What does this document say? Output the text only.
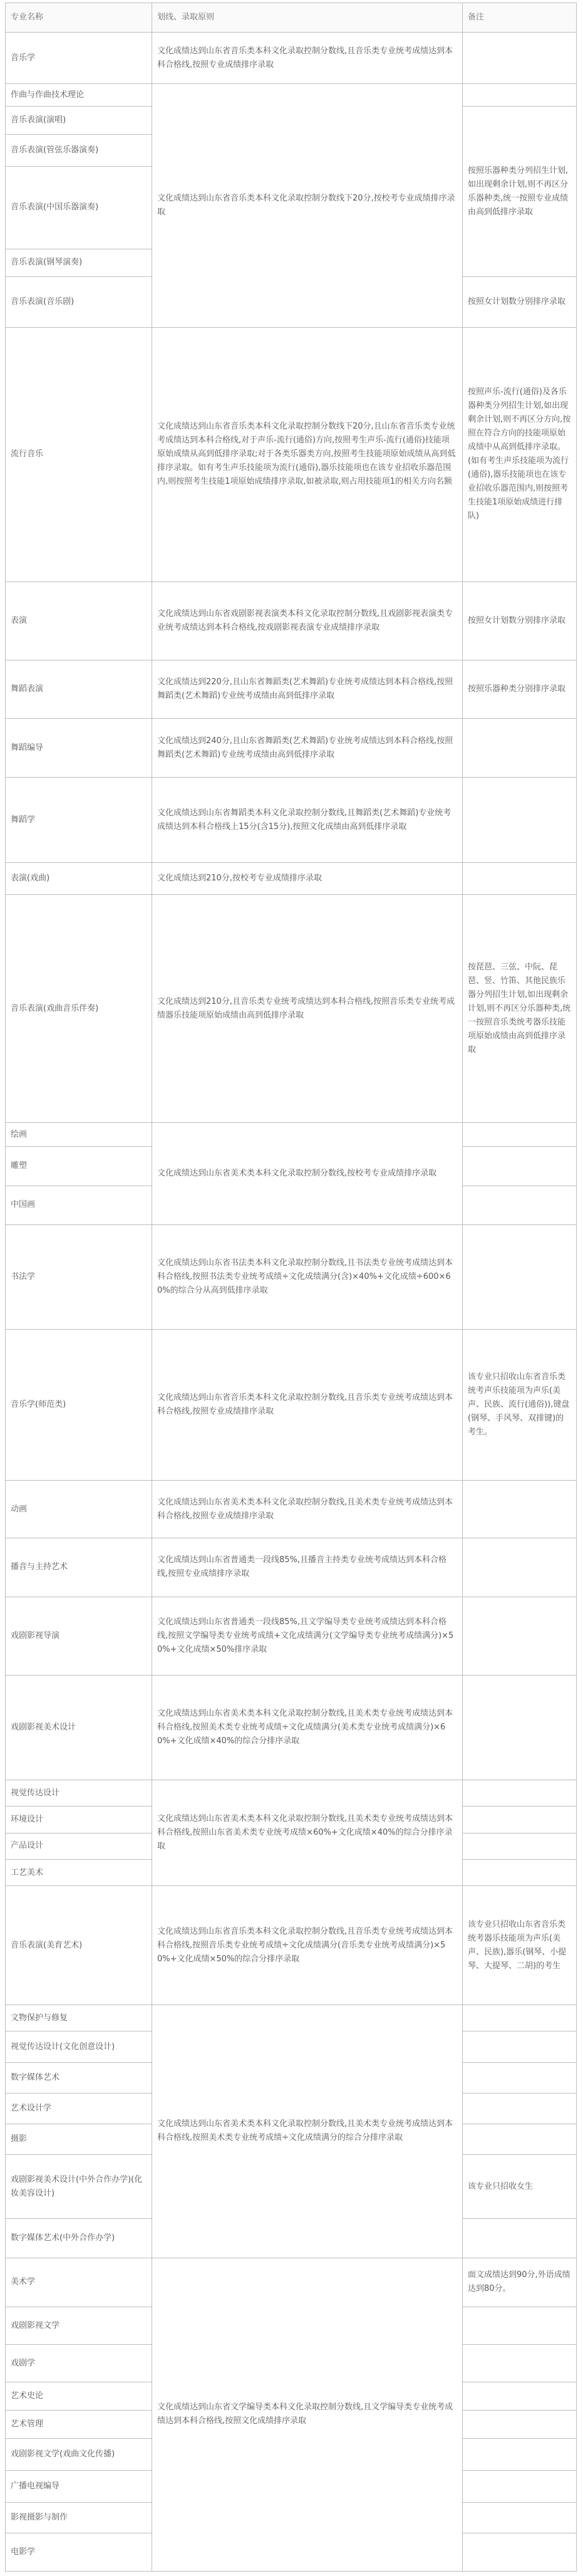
专业名称	划线、录取原则	备注
音乐学	文化成绩达到山东省音乐类本科文化录取控制分数线,且音乐类专业统考成绩达到本科合格线,按照专业成绩排序录取	
作曲与作曲技术理论	文化成绩达到山东省音乐类本科文化录取控制分数线下20分,按校考专业成绩排序录取	
音乐表演(演唱)		按照乐器种类分列招生计划,如出现剩余计划,则不再区分乐器种类,统一按照专业成绩由高到低排序录取
音乐表演(管弦乐器演奏)		
音乐表演(中国乐器演奏)		
音乐表演(钢琴演奏)		
音乐表演(音乐剧)		按照女计划数分别排序录取
流行音乐	文化成绩达到山东省音乐类本科文化录取控制分数线下20分,且山东省音乐类专业统考成绩达到本科合格线,对于声乐-流行(通俗)方向,按照考生声乐-流行(通俗)技能项原始成绩从高到低排序录取;对于各类乐器类方向,按照考生技能项原始成绩从高到低排序录取。如有考生声乐技能项为流行(通俗),器乐技能项也在该专业招收乐器范围内,则按照考生技能1项原始成绩排序录取,如被录取,则占用技能项1的相关方向名额	按照声乐-流行(通俗)及各乐器种类分列招生计划,如出现剩余计划,则不再区分方向,按照在符合方向的技能项原始成绩中从高到低排序录取。(如有考生声乐技能项为流行(通俗),器乐技能项也在该专业招收乐器范围内,则按照考生技能1项原始成绩进行排队)
表演	文化成绩达到山东省戏剧影视表演类本科文化录取控制分数线,且戏剧影视表演类专业统考成绩达到本科合格线,按戏剧影视表演专业成绩排序录取	按照女计划数分别排序录取
舞蹈表演	文化成绩达到220分,且山东省舞蹈类(艺术舞蹈)专业统考成绩达到本科合格线,按照舞蹈类(艺术舞蹈)专业统考成绩由高到低排序录取	按照乐器种类分别排序录取
舞蹈编导	文化成绩达到240分,且山东省舞蹈类(艺术舞蹈)专业统考成绩达到本科合格线,按照舞蹈类(艺术舞蹈)专业统考成绩由高到低排序录取	
舞蹈学	文化成绩达到山东省舞蹈类本科文化录取控制分数线,且舞蹈类(艺术舞蹈)专业统考成绩达到本科合格线上15分(含15分),按照文化成绩由高到低排序录取	
表演(戏曲)	文化成绩达到210分,按校考专业成绩排序录取	
音乐表演(戏曲音乐伴奏)	文化成绩达到210分,且音乐类专业统考成绩达到本科合格线,按照音乐类专业统考成绩器乐技能项原始成绩由高到低排序录取	按琵琶、三弦、中阮、琵琶、竖、竹笛、其他民族乐器分列招生计划,如出现剩余计划,则不再区分乐器种类,统一按照音乐类统考器乐技能项原始成绩由高到低排序录取
绘画	文化成绩达到山东省美术类本科文化录取控制分数线,按校考专业成绩排序录取	
雕塑		
中国画		
书法学	文化成绩达到山东省书法类本科文化录取控制分数线,且书法类专业统考成绩达到本科合格线,按照书法类专业统考成绩÷文化成绩满分(含)×40%+文化成绩÷600×60%的综合分从高到低排序录取	
音乐学(师范类)	文化成绩达到山东省音乐类本科文化录取控制分数线,且音乐类专业统考成绩达到本科合格线,按照专业成绩排序录取	该专业只招收山东省音乐类统考声乐技能项为声乐(美声、民族、流行(通俗)),键盘(钢琴、手风琴、双排键)的考生。
动画	文化成绩达到山东省美术类本科文化录取控制分数线,且美术类专业统考成绩达到本科合格线,按照专业成绩排序录取	
播音与主持艺术	文化成绩达到山东省普通类一段线85%,且播音主持类专业统考成绩达到本科合格线,按照专业成绩排序录取	
戏剧影视导演	文化成绩达到山东省普通类一段线85%,且文学编导类专业统考成绩达到本科合格线,按照文学编导类专业统考成绩+文化成绩满分(文学编导类专业统考成绩满分)×50%+文化成绩×50%排序录取	
戏剧影视美术设计	文化成绩达到山东省美术类本科文化录取控制分数线,且美术类专业统考成绩达到本科合格线,按照美术类专业统考成绩÷文化成绩满分(美术类专业统考成绩满分)×60%+文化成绩×40%的综合分排序录取	
视觉传达设计	文化成绩达到山东省美术类本科文化录取控制分数线,且美术类专业统考成绩达到本科合格线,按照山东省美术类专业统考成绩×60%+文化成绩×40%的综合分排序录取	
环境设计		
产品设计		
工艺美术		
音乐表演(美育艺术)	文化成绩达到山东省音乐类本科文化录取控制分数线,且音乐类专业统考成绩达到本科合格线,按照音乐类专业统考成绩÷文化成绩满分(音乐类专业统考成绩满分)×50%+文化成绩×50%的综合分排序录取	该专业只招收山东省音乐类统考器乐技能项为声乐(美声、民族),器乐(钢琴、小提琴、大提琴、二胡)的考生
文物保护与修复	文化成绩达到山东省美术类本科文化录取控制分数线,且美术类专业统考成绩达到本科合格线,按照美术类专业统考成绩÷文化成绩满分的综合分排序录取	
视觉传达设计(文化创意设计)		
数字媒体艺术		
艺术设计学		
摄影		
戏剧影视美术设计(中外合作办学)(化妆美容设计)		该专业只招收女生
数字媒体艺术(中外合作办学)		
美术学	文化成绩达到山东省文学编导类本科文化录取控制分数线,且文学编导类专业统考成绩达到本科合格线,按照文化成绩排序录取	面文成绩达到90分,外语成绩达到80分。
戏剧影视文学		
戏剧学		
艺术史论		
艺术管理		
戏剧影视文学(戏曲文化传播)		
广播电视编导		
影视摄影与制作		
电影学		
